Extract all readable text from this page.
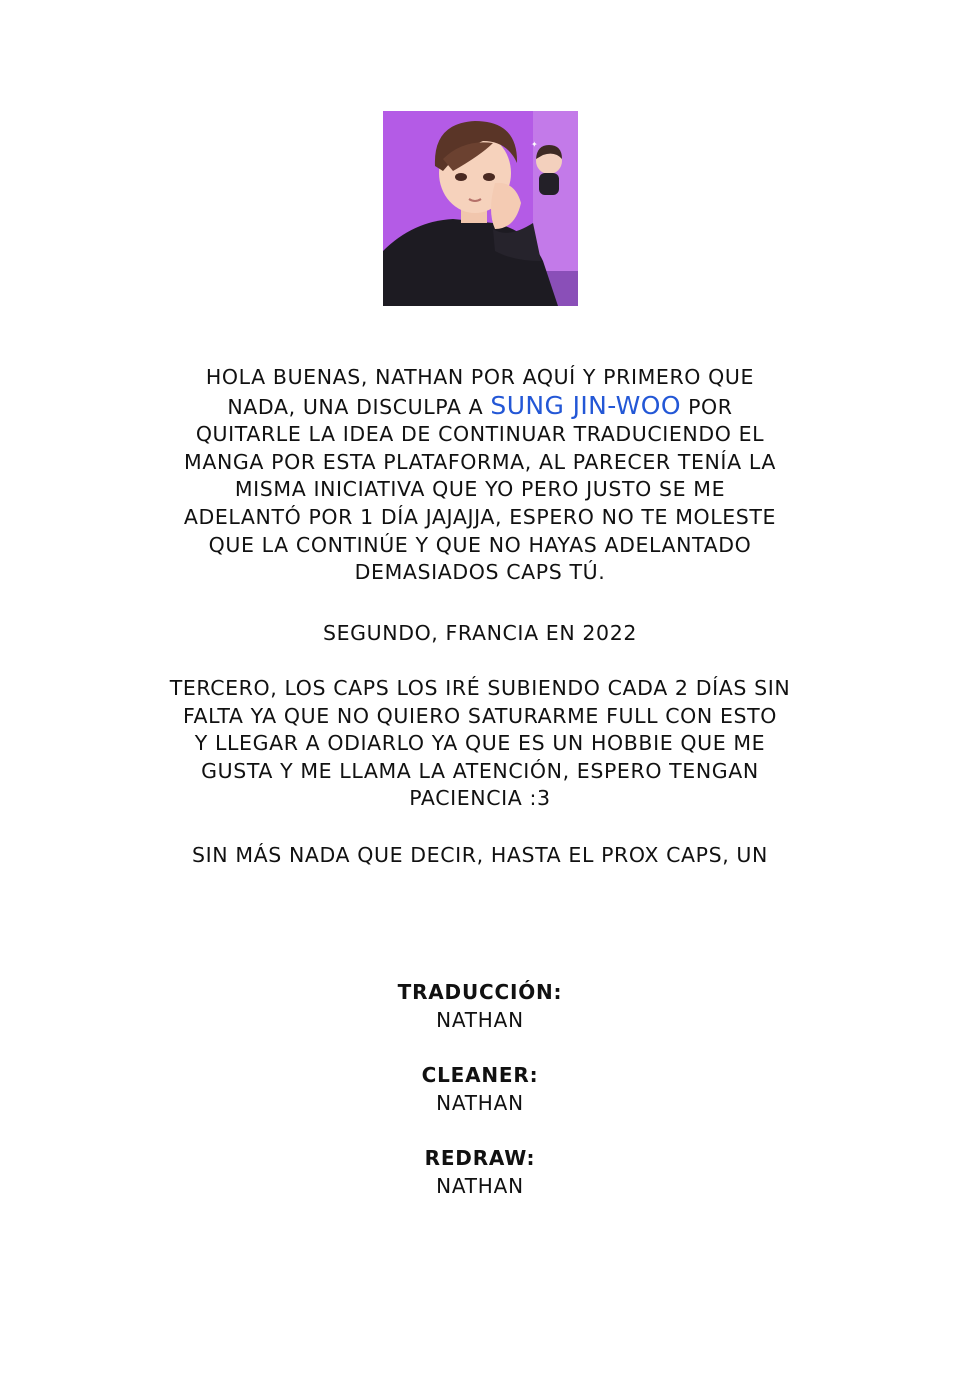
✦
HOLA BUENAS, NATHAN POR AQUÍ Y PRIMERO QUE
NADA, UNA DISCULPA A SUNG JIN-WOO POR
QUITARLE LA IDEA DE CONTINUAR TRADUCIENDO EL
MANGA POR ESTA PLATAFORMA, AL PARECER TENÍA LA
MISMA INICIATIVA QUE YO PERO JUSTO SE ME
ADELANTÓ POR 1 DÍA JAJAJJA, ESPERO NO TE MOLESTE
QUE LA CONTINÚE Y QUE NO HAYAS ADELANTADO
DEMASIADOS CAPS TÚ.
SEGUNDO, FRANCIA EN 2022
TERCERO, LOS CAPS LOS IRÉ SUBIENDO CADA 2 DÍAS SIN
FALTA YA QUE NO QUIERO SATURARME FULL CON ESTO
Y LLEGAR A ODIARLO YA QUE ES UN HOBBIE QUE ME
GUSTA Y ME LLAMA LA ATENCIÓN, ESPERO TENGAN
PACIENCIA :3
SIN MÁS NADA QUE DECIR, HASTA EL PROX CAPS, UN
TRADUCCIÓN:
NATHAN
CLEANER:
NATHAN
REDRAW:
NATHAN
